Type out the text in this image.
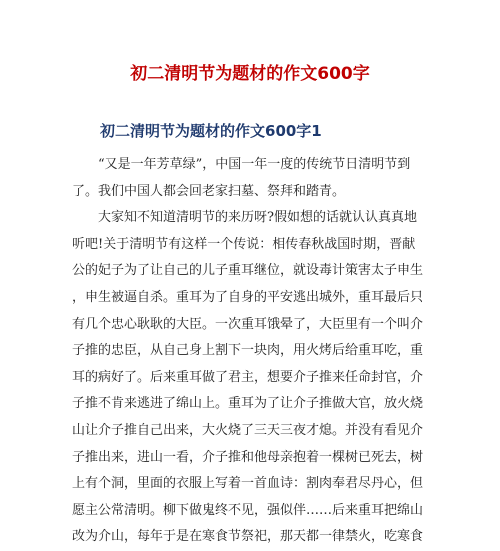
初二清明节为题材的作文600字
初二清明节为题材的作文600字1
“又是一年芳草绿”，中国一年一度的传统节日清明节到
了。我们中国人都会回老家扫墓、祭拜和踏青。
大家知不知道清明节的来历呀?假如想的话就认认真真地
听吧!关于清明节有这样一个传说：相传春秋战国时期，晋献
公的妃子为了让自己的儿子重耳继位，就设毒计策害太子申生
，申生被逼自杀。重耳为了自身的平安逃出城外，重耳最后只
有几个忠心耿耿的大臣。一次重耳饿晕了，大臣里有一个叫介
子推的忠臣，从自己身上割下一块肉，用火烤后给重耳吃，重
耳的病好了。后来重耳做了君主，想要介子推来任命封官，介
子推不肯来逃进了绵山上。重耳为了让介子推做大官，放火烧
山让介子推自己出来，大火烧了三天三夜才熄。并没有看见介
子推出来，进山一看，介子推和他母亲抱着一棵树已死去，树
上有个洞，里面的衣服上写着一首血诗：割肉奉君尽丹心，但
愿主公常清明。柳下做鬼终不见，强似伴……后来重耳把绵山
改为介山，每年于是在寒食节祭祀，那天都一律禁火，吃寒食
